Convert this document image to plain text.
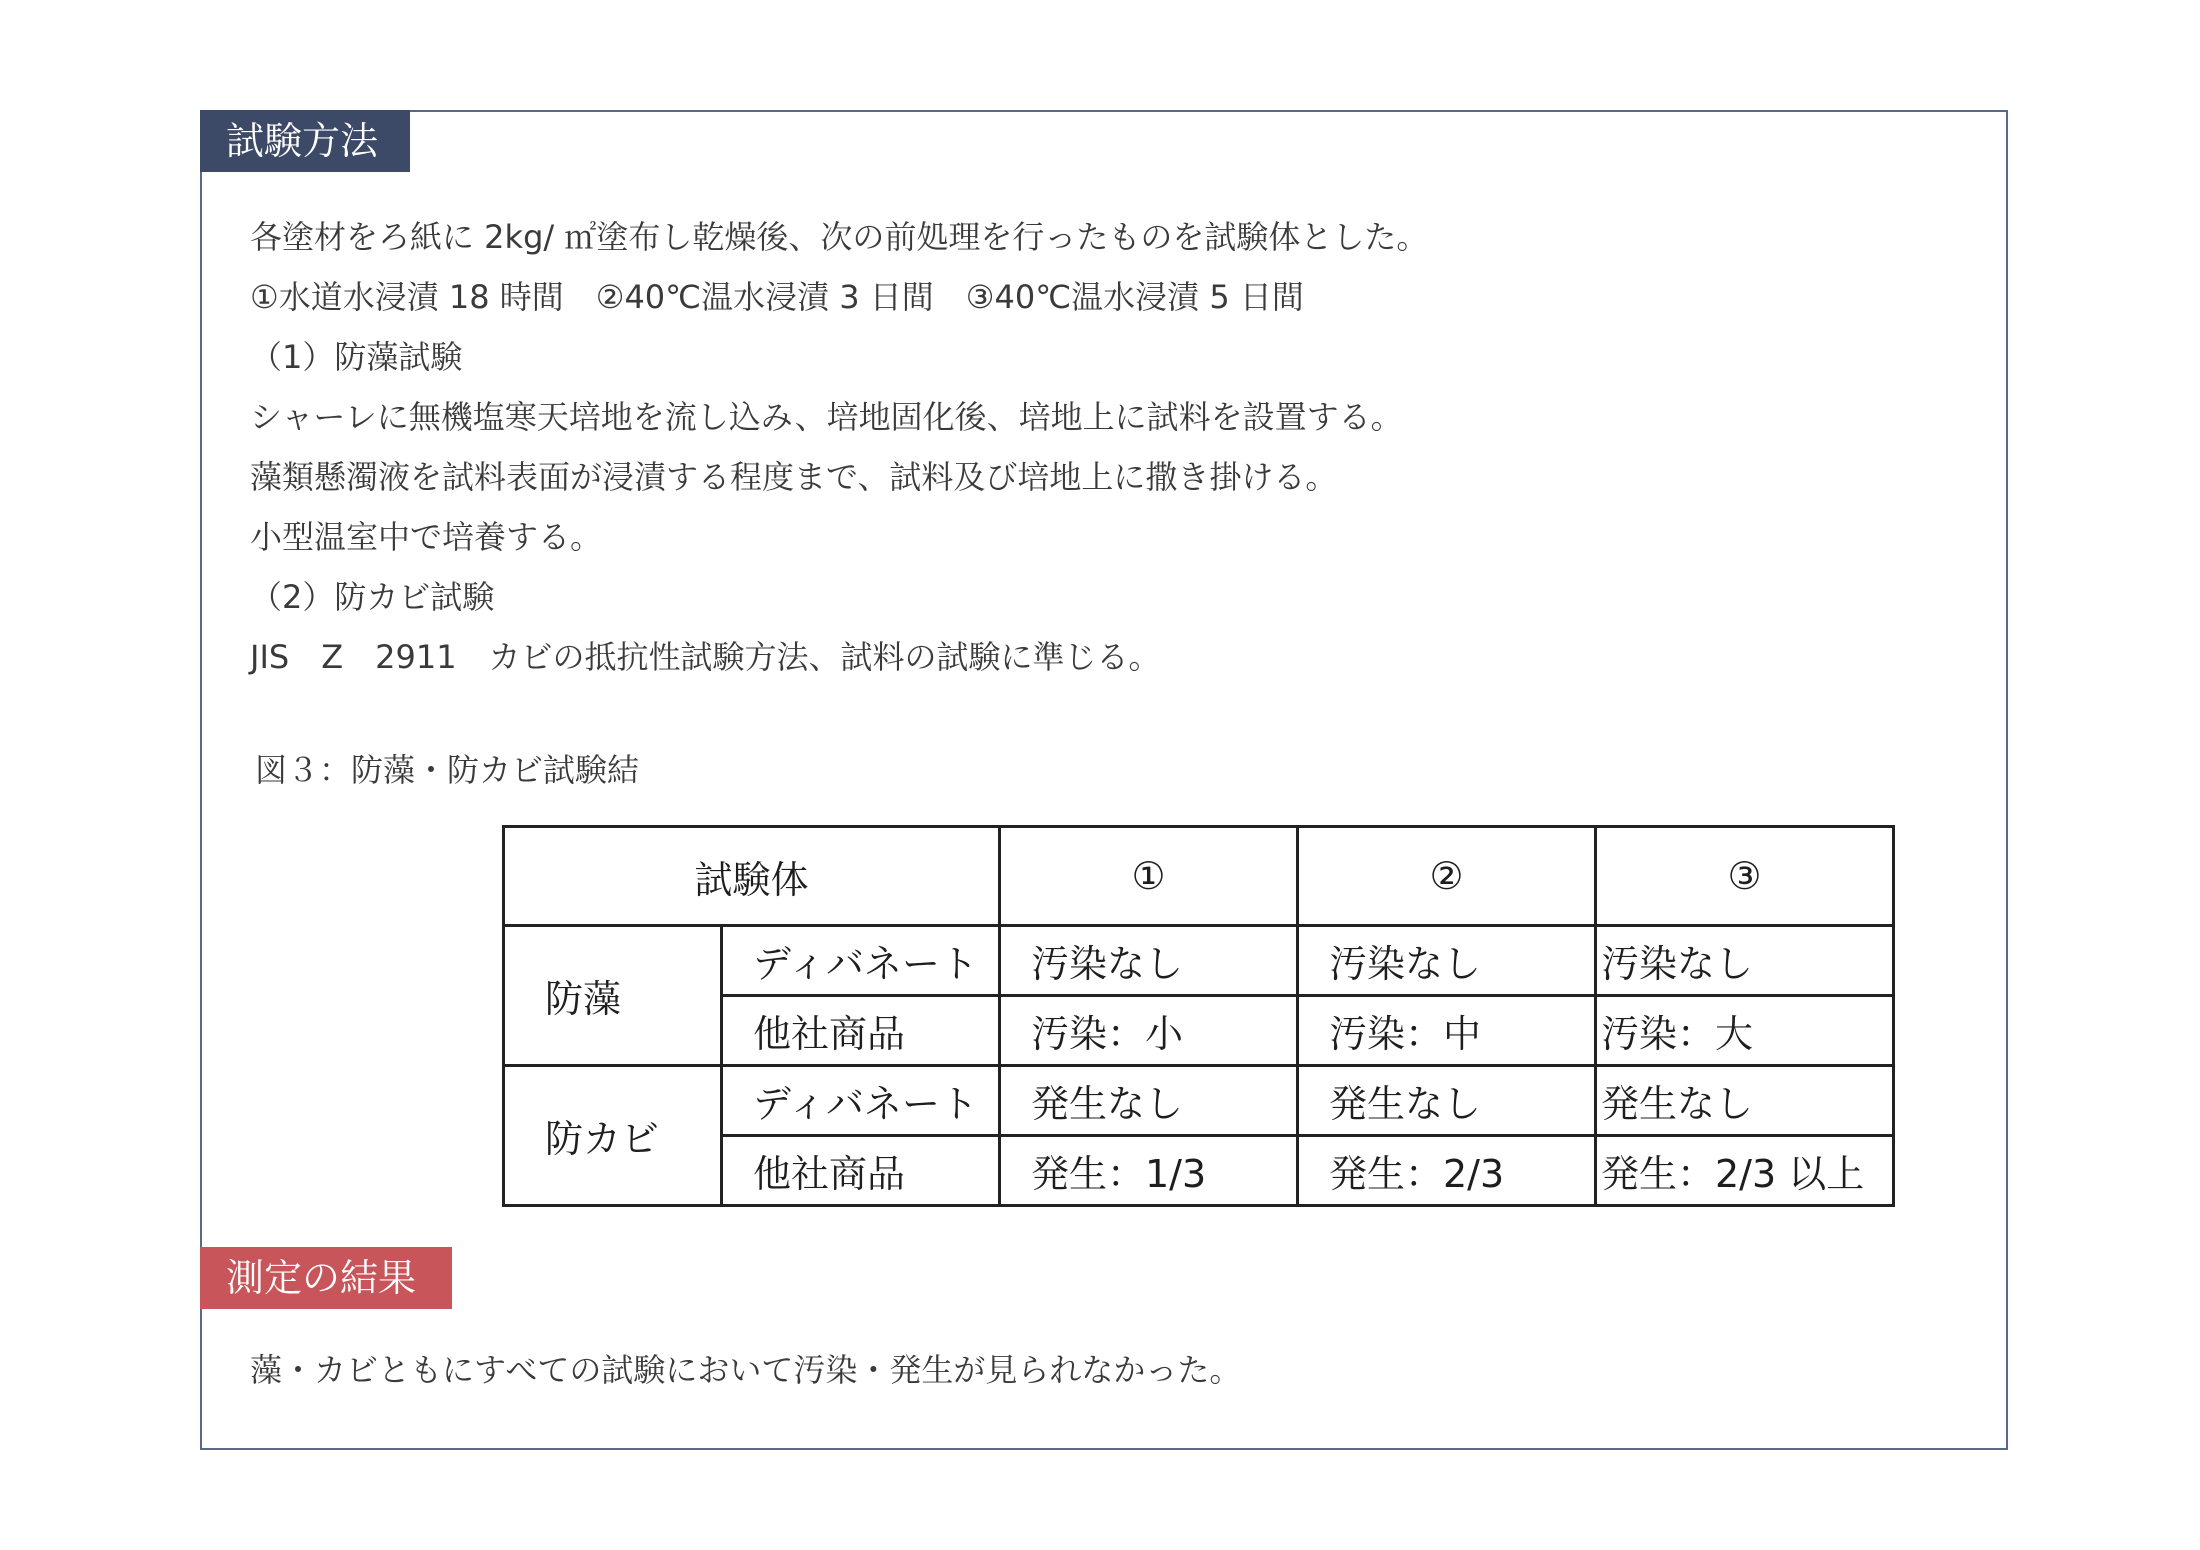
試験方法
各塗材をろ紙に 2kg/ ㎡塗布し乾燥後、次の前処理を行ったものを試験体とした。
①水道水浸漬 18 時間　②40℃温水浸漬 3 日間　③40℃温水浸漬 5 日間
（1）防藻試験
シャーレに無機塩寒天培地を流し込み、培地固化後、培地上に試料を設置する。
藻類懸濁液を試料表面が浸漬する程度まで、試料及び培地上に撒き掛ける。
小型温室中で培養する。
（2）防カビ試験
JIS　Z　2911　カビの抵抗性試験方法、試料の試験に準じる。
図３：防藻・防カビ試験結
試験体		①	②	③
防藻	ディバネート	汚染なし	汚染なし	汚染なし
	他社商品	汚染：小	汚染：中	汚染：大
防カビ	ディバネート	発生なし	発生なし	発生なし
	他社商品	発生：1/3	発生：2/3	発生：2/3 以上
測定の結果
藻・カビともにすべての試験において汚染・発生が見られなかった。
